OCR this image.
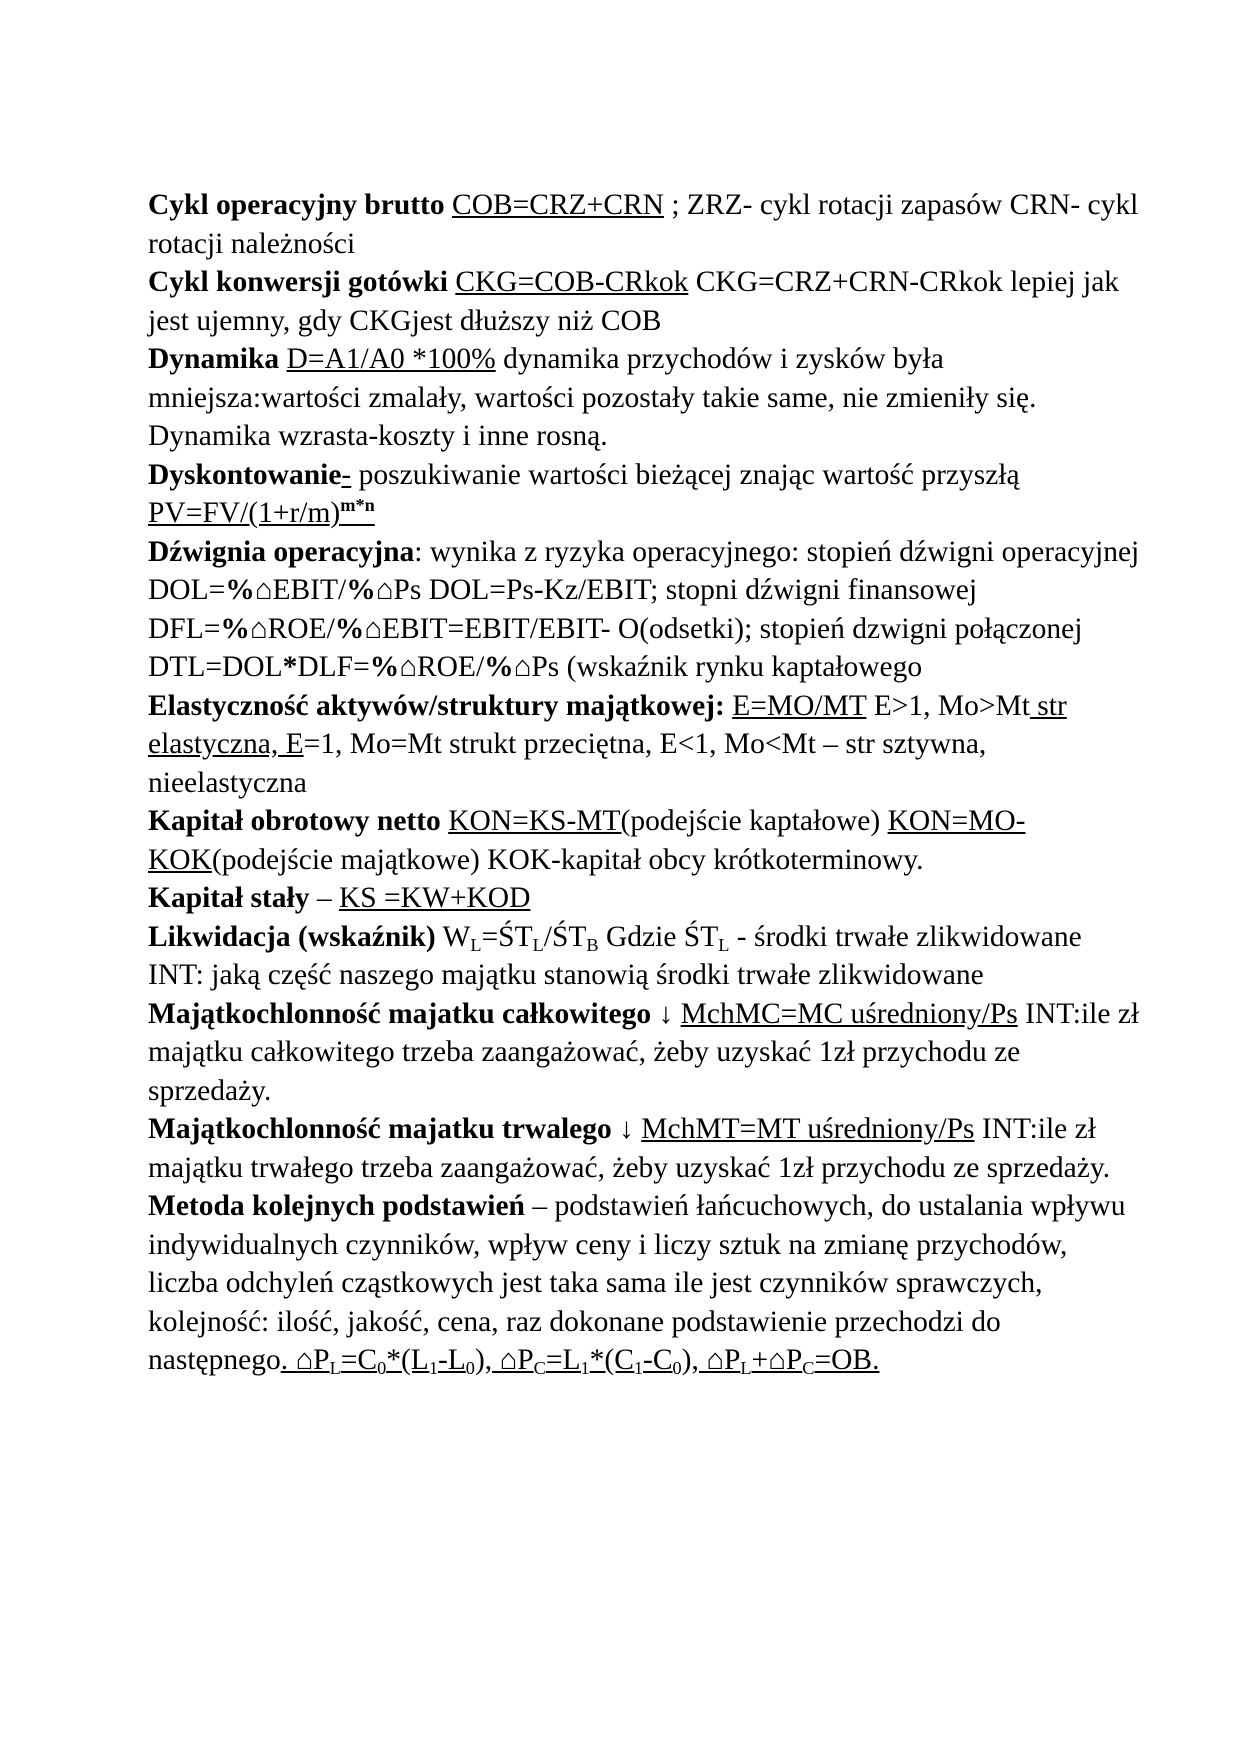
Cykl operacyjny brutto COB=CRZ+CRN ; ZRZ- cykl rotacji zapasów CRN- cykl rotacji należności

Cykl konwersji gotówki CKG=COB-CRkok CKG=CRZ+CRN-CRkok lepiej jak jest ujemny, gdy CKGjest dłuższy niż COB

Dynamika D=A1/A0 *100% dynamika przychodów i zysków była mniejsza:wartości zmalały, wartości pozostały takie same, nie zmieniły się. Dynamika wzrasta-koszty i inne rosną.

Dyskontowanie- poszukiwanie wartości bieżącej znając wartość przyszłą $PV=FV/(1+r/m)^{m*n}$

Dźwignia operacyjna: wynika z ryzyka operacyjnego: stopień dźwigni operacyjnej DOL=%⌂EBIT/%⌂Ps DOL=Ps-Kz/EBIT; stopni dźwigni finansowej DFL=%⌂ROE/%⌂EBIT=EBIT/EBIT- O(odsetki); stopień dzwigni połączonej DTL=DOL*DLF=%⌂ROE/%⌂Ps (wskaźnik rynku kaptałowego

Elastyczność aktywów/struktury majątkowej: E=MO/MT E>1, Mo>Mt str elastyczna, E=1, Mo=Mt strukt przeciętna, E<1, Mo<Mt – str sztywna, nieelastyczna

Kapitał obrotowy netto KON=KS-MT(podejście kaptałowe) KON=MO-KOK(podejście majątkowe) KOK-kapitał obcy krótkoterminowy.

Kapitał stały – KS =KW+KOD

Likwidacja (wskaźnik) $W_L=ŚT_L/ŚT_B$ Gdzie $ŚT_L$ - środki trwałe zlikwidowane INT: jaką część naszego majątku stanowią środki trwałe zlikwidowane

Majątkochlonność majatku całkowitego ↓ MchMC=MC uśredniony/Ps INT:ile zł majątku całkowitego trzeba zaangażować, żeby uzyskać 1zł przychodu ze sprzedaży.

Majątkochlonność majatku trwalego ↓ MchMT=MT uśredniony/Ps INT:ile zł majątku trwałego trzeba zaangażować, żeby uzyskać 1zł przychodu ze sprzedaży.

Metoda kolejnych podstawień – podstawień łańcuchowych, do ustalania wpływu indywidualnych czynników, wpływ ceny i liczy sztuk na zmianę przychodów, liczba odchyleń cząstkowych jest taka sama ile jest czynników sprawczych, kolejność: ilość, jakość, cena, raz dokonane podstawienie przechodzi do następnego. $⌂P_L=C_0*(L_1-L_0)$, $⌂P_C=L_1*(C_1-C_0)$, $⌂P_L+⌂P_C=OB$.
